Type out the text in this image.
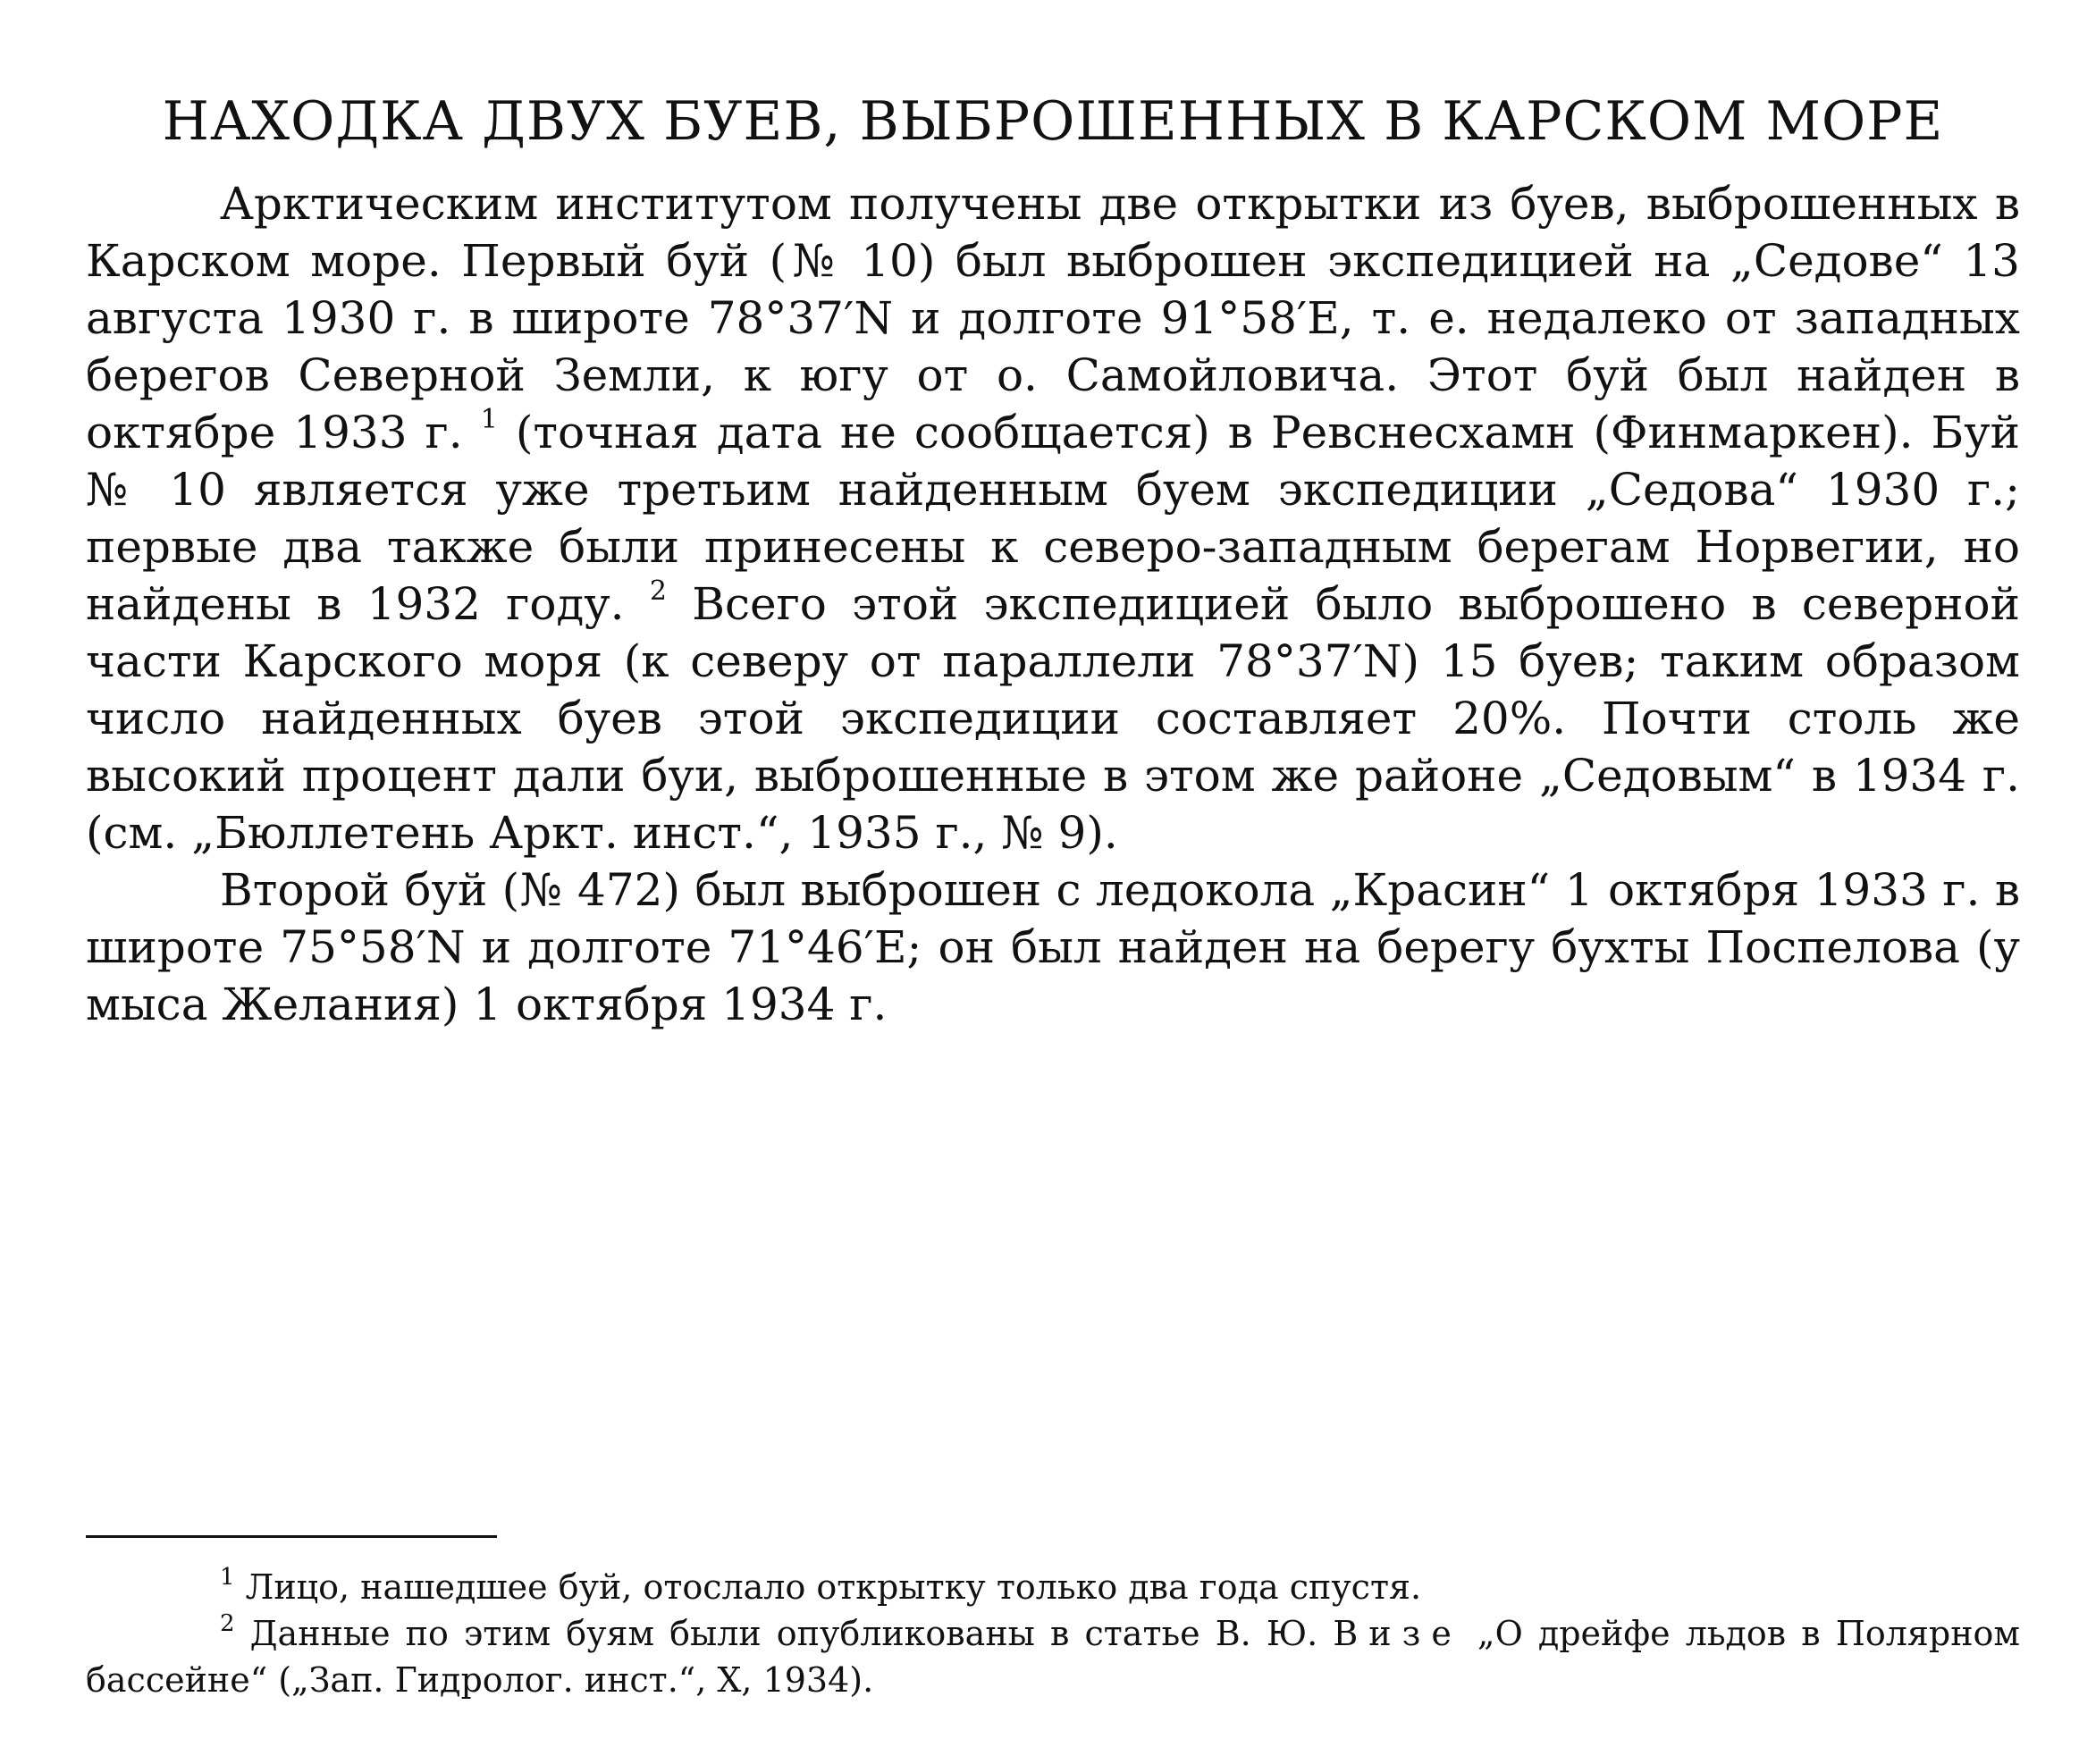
НАХОДКА ДВУХ БУЕВ, ВЫБРОШЕННЫХ В КАРСКОМ МОРЕ

Арктическим институтом получены две открытки из буев, выброшенных в Карском море. Первый буй (№ 10) был выброшен экспедицией на „Седове“ 13 августа 1930 г. в широте 78°37′N и долготе 91°58′E, т. е. недалеко от западных берегов Северной Земли, к югу от о. Самойловича. Этот буй был найден в октябре 1933 г. $^1$ (точная дата не сообщается) в Ревснесхамн (Финмаркен). Буй № 10 является уже третьим найденным буем экспедиции „Седова“ 1930 г.; первые два также были принесены к северо-западным берегам Норвегии, но найдены в 1932 году. $^2$ Всего этой экспедицией было выброшено в северной части Карского моря (к северу от параллели 78°37′N) 15 буев; таким образом число найденных буев этой экспедиции составляет 20%. Почти столь же высокий процент дали буи, выброшенные в этом же районе „Седовым“ в 1934 г. (см. „Бюллетень Аркт. инст.“, 1935 г., № 9).

Второй буй (№ 472) был выброшен с ледокола „Красин“ 1 октября 1933 г. в широте 75°58′N и долготе 71°46′E; он был найден на берегу бухты Поспелова (у мыса Желания) 1 октября 1934 г.

$^1$ Лицо, нашедшее буй, отослало открытку только два года спустя.

$^2$ Данные по этим буям были опубликованы в статье В. Ю. Визе „О дрейфе льдов в Полярном бассейне“ („Зап. Гидролог. инст.“, X, 1934).
